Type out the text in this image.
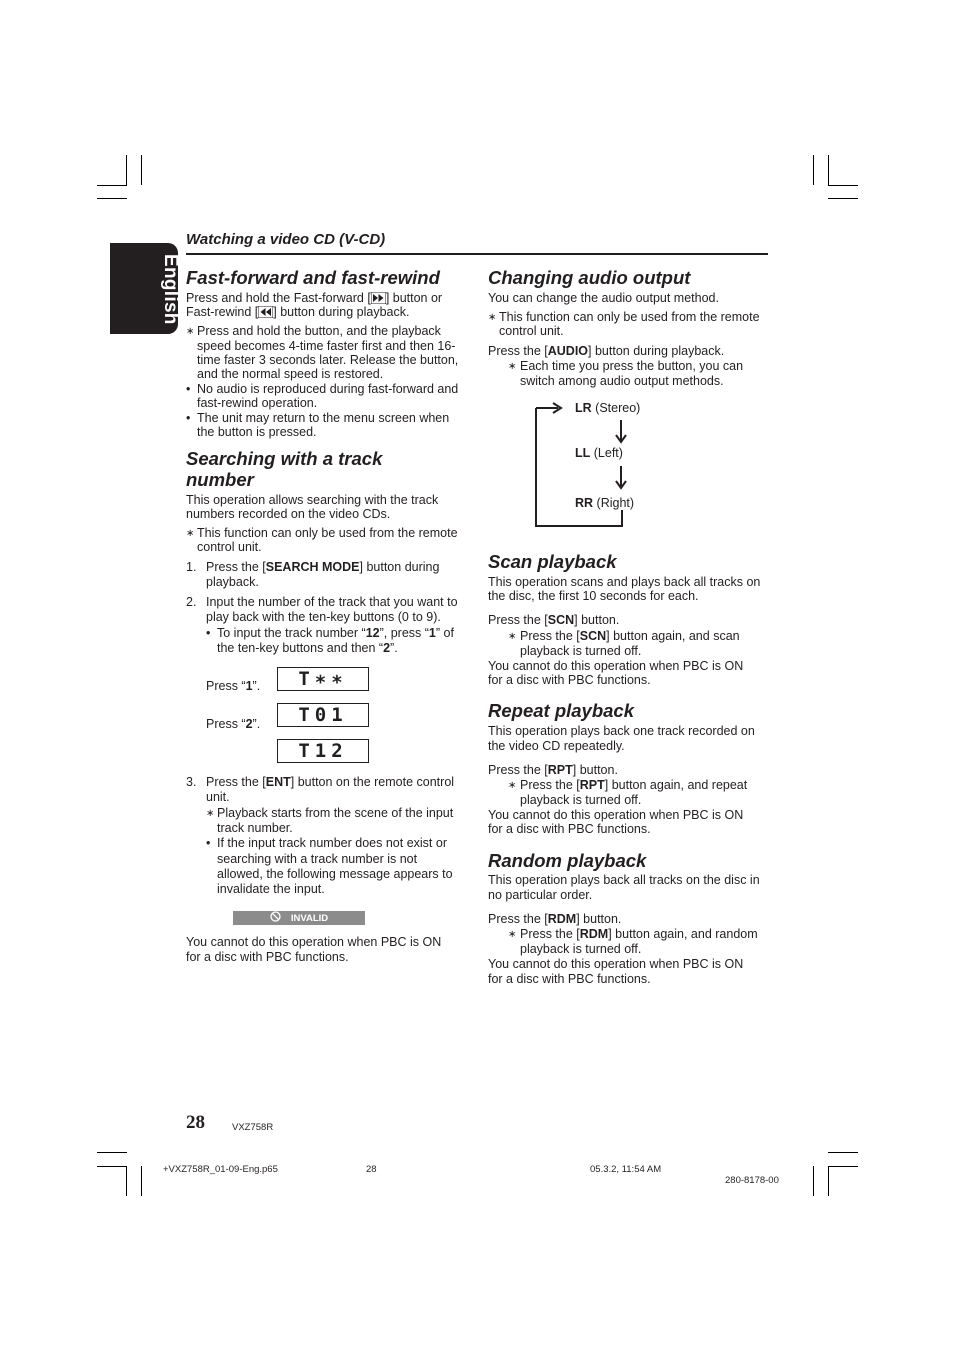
English
Watching a video CD (V-CD)
Fast-forward and fast-rewind
Press and hold the Fast-forward [ ] button or
Fast-rewind [ ] button during playback.
∗ Press and hold the button, and the playback
speed becomes 4-time faster first and then 16-
time faster 3 seconds later. Release the button,
and the normal speed is restored.
• No audio is reproduced during fast-forward and
fast-rewind operation.
• The unit may return to the menu screen when
the button is pressed.
Searching with a track
number
This operation allows searching with the track
numbers recorded on the video CDs.
∗ This function can only be used from the remote
control unit.
1. Press the [SEARCH MODE] button during
playback.
2. Input the number of the track that you want to
play back with the ten-key buttons (0 to 9).
• To input the track number “12”, press “1” of
the ten-key buttons and then “2”.
Press “1”.
Press “2”.
T∗∗
T01
T12
3. Press the [ENT] button on the remote control
unit.
∗ Playback starts from the scene of the input
track number.
• If the input track number does not exist or
searching with a track number is not
allowed, the following message appears to
invalidate the input.
INVALID
You cannot do this operation when PBC is ON
for a disc with PBC functions.
Changing audio output
You can change the audio output method.
∗ This function can only be used from the remote
control unit.
Press the [AUDIO] button during playback.
∗ Each time you press the button, you can
switch among audio output methods.
LR (Stereo)
LL (Left)
RR (Right)
Scan playback
This operation scans and plays back all tracks on
the disc, the first 10 seconds for each.
Press the [SCN] button.
∗ Press the [SCN] button again, and scan
playback is turned off.
You cannot do this operation when PBC is ON
for a disc with PBC functions.
Repeat playback
This operation plays back one track recorded on
the video CD repeatedly.
Press the [RPT] button.
∗ Press the [RPT] button again, and repeat
playback is turned off.
You cannot do this operation when PBC is ON
for a disc with PBC functions.
Random playback
This operation plays back all tracks on the disc in
no particular order.
Press the [RDM] button.
∗ Press the [RDM] button again, and random
playback is turned off.
You cannot do this operation when PBC is ON
for a disc with PBC functions.
28	VXZ758R
+VXZ758R_01-09-Eng.p65	28	05.3.2, 11:54 AM
280-8178-00
